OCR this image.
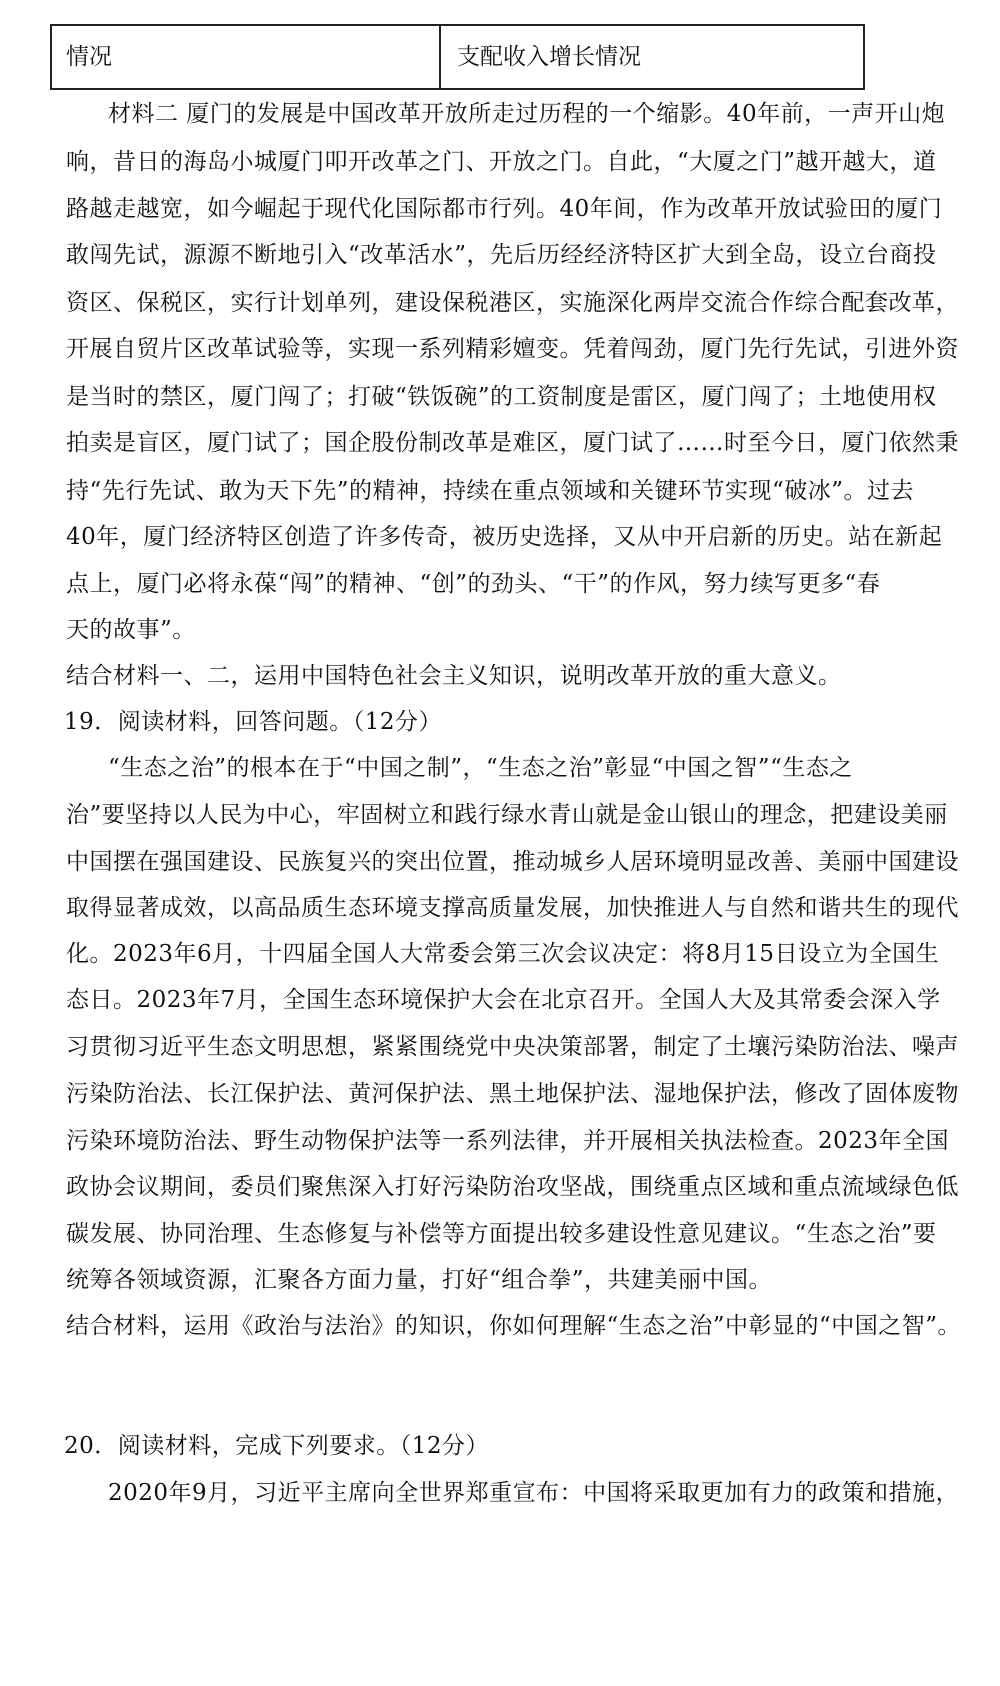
情况	支配收入增长情况
材料二 厦门的发展是中国改革开放所走过历程的一个缩影。40年前，一声开山炮
响，昔日的海岛小城厦门叩开改革之门、开放之门。自此，“大厦之门”越开越大，道
路越走越宽，如今崛起于现代化国际都市行列。40年间，作为改革开放试验田的厦门
敢闯先试，源源不断地引入“改革活水”，先后历经经济特区扩大到全岛，设立台商投
资区、保税区，实行计划单列，建设保税港区，实施深化两岸交流合作综合配套改革，
开展自贸片区改革试验等，实现一系列精彩嬗变。凭着闯劲，厦门先行先试，引进外资
是当时的禁区，厦门闯了；打破“铁饭碗”的工资制度是雷区，厦门闯了；土地使用权
拍卖是盲区，厦门试了；国企股份制改革是难区，厦门试了……时至今日，厦门依然秉
持“先行先试、敢为天下先”的精神，持续在重点领域和关键环节实现“破冰”。过去
40年，厦门经济特区创造了许多传奇，被历史选择，又从中开启新的历史。站在新起
点上，厦门必将永葆“闯”的精神、“创”的劲头、“干”的作风，努力续写更多“春
天的故事”。
结合材料一、二，运用中国特色社会主义知识，说明改革开放的重大意义。
19．阅读材料，回答问题。（12分）
“生态之治”的根本在于“中国之制”，“生态之治”彰显“中国之智”“生态之
治”要坚持以人民为中心，牢固树立和践行绿水青山就是金山银山的理念，把建设美丽
中国摆在强国建设、民族复兴的突出位置，推动城乡人居环境明显改善、美丽中国建设
取得显著成效，以高品质生态环境支撑高质量发展，加快推进人与自然和谐共生的现代
化。2023年6月，十四届全国人大常委会第三次会议决定：将8月15日设立为全国生
态日。2023年7月，全国生态环境保护大会在北京召开。全国人大及其常委会深入学
习贯彻习近平生态文明思想，紧紧围绕党中央决策部署，制定了土壤污染防治法、噪声
污染防治法、长江保护法、黄河保护法、黑土地保护法、湿地保护法，修改了固体废物
污染环境防治法、野生动物保护法等一系列法律，并开展相关执法检查。2023年全国
政协会议期间，委员们聚焦深入打好污染防治攻坚战，围绕重点区域和重点流域绿色低
碳发展、协同治理、生态修复与补偿等方面提出较多建设性意见建议。“生态之治”要
统筹各领域资源，汇聚各方面力量，打好“组合拳”，共建美丽中国。
结合材料，运用《政治与法治》的知识，你如何理解“生态之治”中彰显的“中国之智”。
20．阅读材料，完成下列要求。（12分）
2020年9月，习近平主席向全世界郑重宣布：中国将采取更加有力的政策和措施，
